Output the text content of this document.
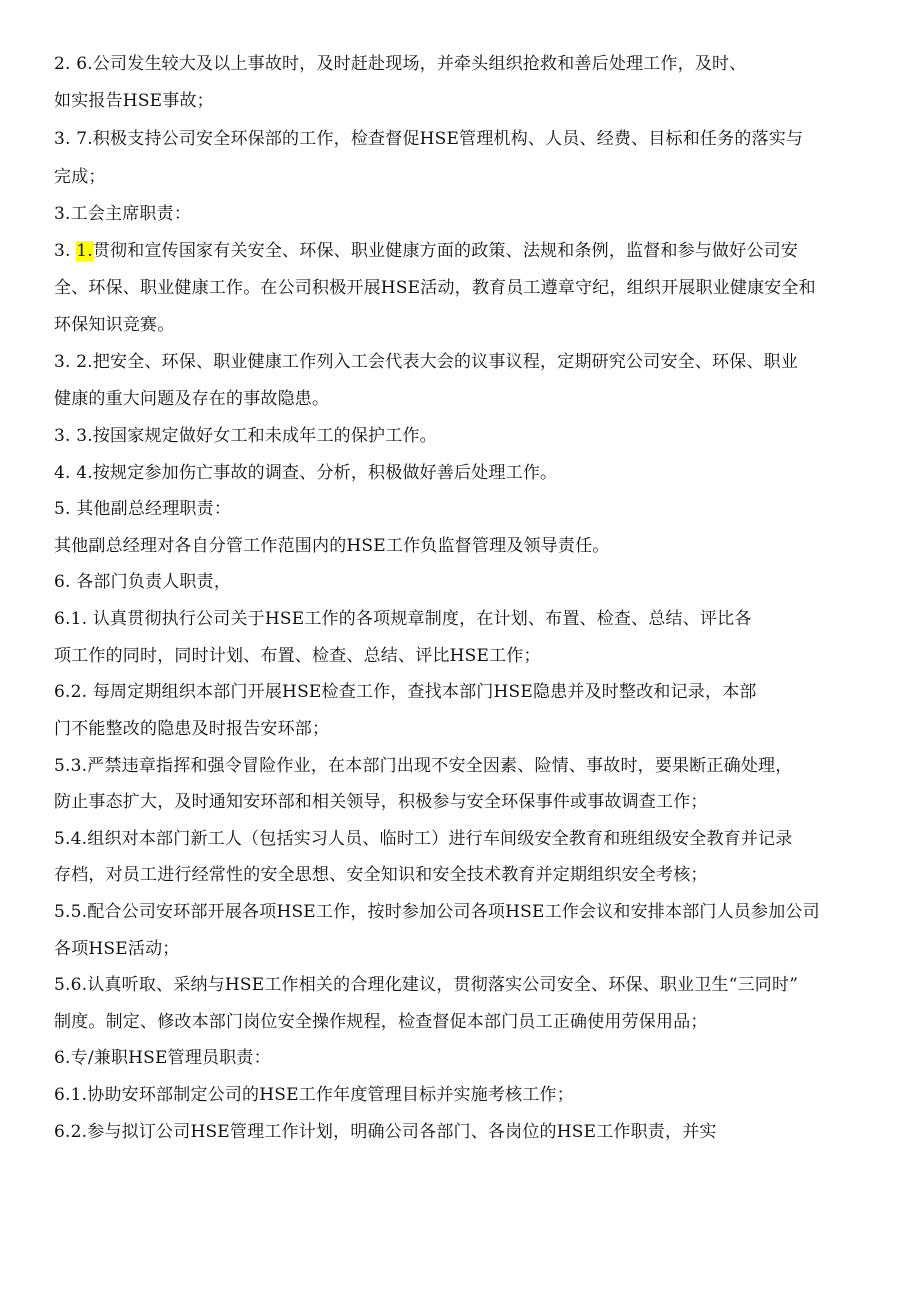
2. 6.公司发生较大及以上事故时，及时赶赴现场，并牵头组织抢救和善后处理工作，及时、
如实报告HSE事故；
3. 7.积极支持公司安全环保部的工作，检查督促HSE管理机构、人员、经费、目标和任务的落实与
完成；
3.工会主席职责：
3. 1.贯彻和宣传国家有关安全、环保、职业健康方面的政策、法规和条例，监督和参与做好公司安
全、环保、职业健康工作。在公司积极开展HSE活动，教育员工遵章守纪，组织开展职业健康安全和
环保知识竞赛。
3. 2.把安全、环保、职业健康工作列入工会代表大会的议事议程，定期研究公司安全、环保、职业
健康的重大问题及存在的事故隐患。
3. 3.按国家规定做好女工和未成年工的保护工作。
4. 4.按规定参加伤亡事故的调查、分析，积极做好善后处理工作。
5. 其他副总经理职责：
其他副总经理对各自分管工作范围内的HSE工作负监督管理及领导责任。
6. 各部门负责人职责，
6.1. 认真贯彻执行公司关于HSE工作的各项规章制度，在计划、布置、检查、总结、评比各
项工作的同时，同时计划、布置、检查、总结、评比HSE工作；
6.2. 每周定期组织本部门开展HSE检查工作，查找本部门HSE隐患并及时整改和记录，本部
门不能整改的隐患及时报告安环部；
5.3.严禁违章指挥和强令冒险作业，在本部门出现不安全因素、险情、事故时，要果断正确处理，
防止事态扩大，及时通知安环部和相关领导，积极参与安全环保事件或事故调查工作；
5.4.组织对本部门新工人（包括实习人员、临时工）进行车间级安全教育和班组级安全教育并记录
存档，对员工进行经常性的安全思想、安全知识和安全技术教育并定期组织安全考核；
5.5.配合公司安环部开展各项HSE工作，按时参加公司各项HSE工作会议和安排本部门人员参加公司
各项HSE活动；
5.6.认真听取、采纳与HSE工作相关的合理化建议，贯彻落实公司安全、环保、职业卫生“三同时”
制度。制定、修改本部门岗位安全操作规程，检查督促本部门员工正确使用劳保用品；
6.专/兼职HSE管理员职责：
6.1.协助安环部制定公司的HSE工作年度管理目标并实施考核工作；
6.2.参与拟订公司HSE管理工作计划，明确公司各部门、各岗位的HSE工作职责，并实
